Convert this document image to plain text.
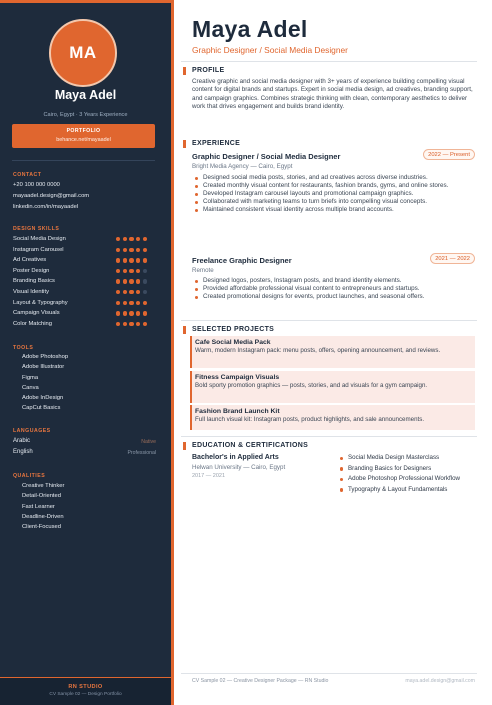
MA
Maya Adel
Cairo, Egypt · 3 Years Experience
PORTFOLIO
behance.net/mayaadel
CONTACT
+20 100 000 0000
mayaadel.design@gmail.com
linkedin.com/in/mayaadel
DESIGN SKILLS
Social Media Design
Instagram Carousel
Ad Creatives
Poster Design
Branding Basics
Visual Identity
Layout & Typography
Campaign Visuals
Color Matching
TOOLS
Adobe Photoshop
Adobe Illustrator
Figma
Canva
Adobe InDesign
CapCut Basics
LANGUAGES
Arabic	Native
English	Professional
QUALITIES
Creative Thinker
Detail-Oriented
Fast Learner
Deadline-Driven
Client-Focused
RN STUDIO
CV Sample 02 — Design Portfolio
Maya Adel
Graphic Designer / Social Media Designer
PROFILE
Creative graphic and social media designer with 3+ years of experience building compelling visual content for digital brands and startups. Expert in social media design, ad creatives, branding support, and campaign graphics. Combines strategic thinking with clean, contemporary aesthetics to deliver work that drives engagement and builds brand identity.
EXPERIENCE
Graphic Designer / Social Media Designer
Bright Media Agency — Cairo, Egypt
2022 — Present
Designed social media posts, stories, and ad creatives across diverse industries.
Created monthly visual content for restaurants, fashion brands, gyms, and online stores.
Developed Instagram carousel layouts and promotional campaign graphics.
Collaborated with marketing teams to turn briefs into compelling visual concepts.
Maintained consistent visual identity across multiple brand accounts.
Freelance Graphic Designer
Remote
2021 — 2022
Designed logos, posters, Instagram posts, and brand identity elements.
Provided affordable professional visual content to entrepreneurs and startups.
Created promotional designs for events, product launches, and seasonal offers.
SELECTED PROJECTS
Cafe Social Media Pack
Warm, modern Instagram pack: menu posts, offers, opening announcement, and reviews.
Fitness Campaign Visuals
Bold sporty promotion graphics — posts, stories, and ad visuals for a gym campaign.
Fashion Brand Launch Kit
Full launch visual kit: Instagram posts, product highlights, and sale announcements.
EDUCATION & CERTIFICATIONS
Bachelor's in Applied Arts
Helwan University — Cairo, Egypt
2017 — 2021
Social Media Design Masterclass
Branding Basics for Designers
Adobe Photoshop Professional Workflow
Typography & Layout Fundamentals
CV Sample 02 — Creative Designer Package — RN Studio	maya.adel.design@gmail.com
